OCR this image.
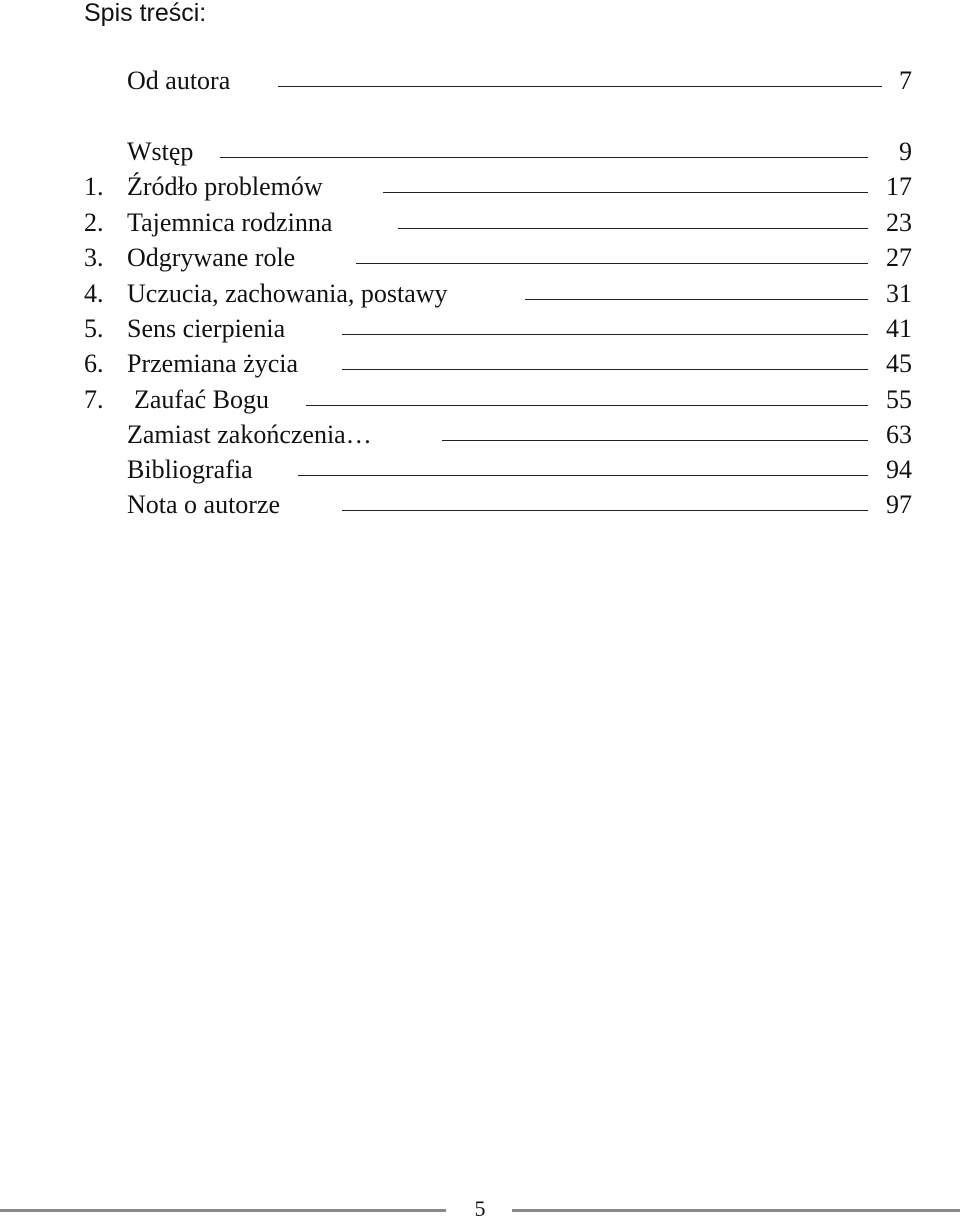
Spis treści:
Od autora	7
Wstęp	9
1. Źródło problemów	17
2. Tajemnica rodzinna	23
3. Odgrywane role	27
4. Uczucia, zachowania, postawy	31
5. Sens cierpienia	41
6. Przemiana życia	45
7. Zaufać Bogu	55
Zamiast zakończenia…	63
Bibliografia	94
Nota o autorze	97
5
